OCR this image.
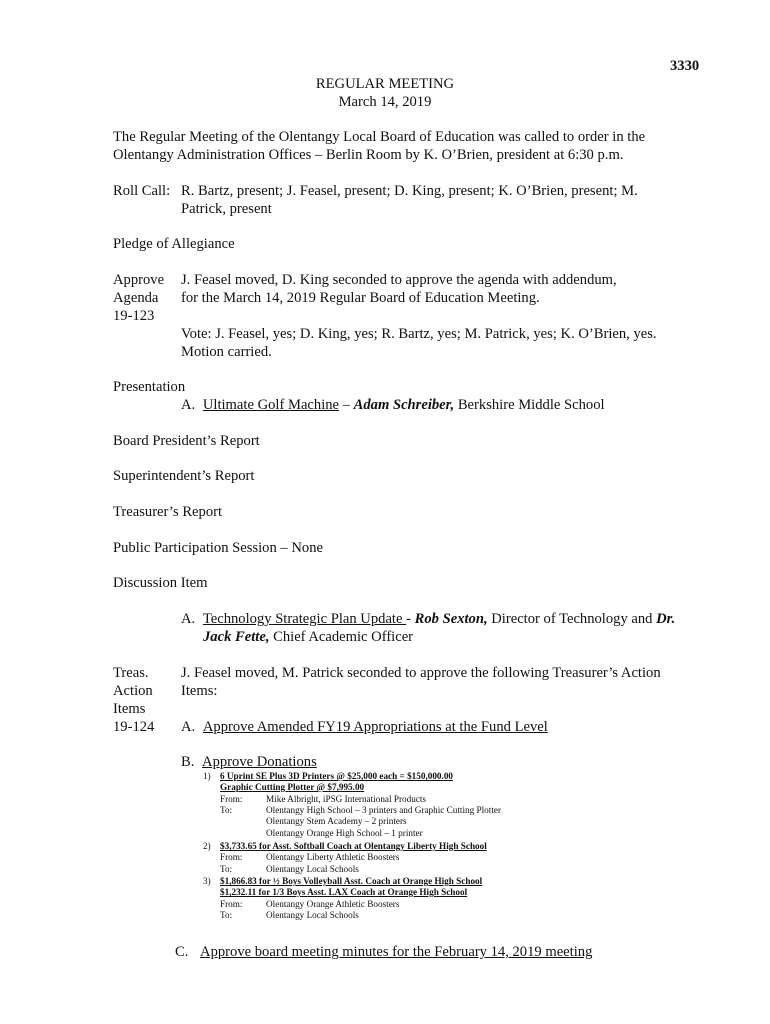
3330
REGULAR MEETING
March 14, 2019
The Regular Meeting of the Olentangy Local Board of Education was called to order in the
Olentangy Administration Offices – Berlin Room by K. O’Brien, president at 6:30 p.m.
Roll Call: R. Bartz, present; J. Feasel, present; D. King, present; K. O’Brien, present; M.
Patrick, present
Pledge of Allegiance
Approve
Agenda
19-123
J. Feasel moved, D. King seconded to approve the agenda with addendum,
for the March 14, 2019 Regular Board of Education Meeting.
Vote: J. Feasel, yes; D. King, yes; R. Bartz, yes; M. Patrick, yes; K. O’Brien, yes.
Motion carried.
Presentation
A. Ultimate Golf Machine – Adam Schreiber, Berkshire Middle School
Board President’s Report
Superintendent’s Report
Treasurer’s Report
Public Participation Session – None
Discussion Item
A. Technology Strategic Plan Update - Rob Sexton, Director of Technology and Dr.
Jack Fette, Chief Academic Officer
Treas.
Action
Items
19-124
J. Feasel moved, M. Patrick seconded to approve the following Treasurer’s Action
Items:
A. Approve Amended FY19 Appropriations at the Fund Level
B. Approve Donations
1) 6 Uprint SE Plus 3D Printers @ $25,000 each = $150,000.00
Graphic Cutting Plotter @ $7,995.00
From:	Mike Albright, iPSG International Products
To:	Olentangy High School – 3 printers and Graphic Cutting Plotter
Olentangy Stem Academy – 2 printers
Olentangy Orange High School – 1 printer
2) $3,733.65 for Asst. Softball Coach at Olentangy Liberty High School
From:	Olentangy Liberty Athletic Boosters
To:	Olentangy Local Schools
3) $1,866.83 for ½ Boys Volleyball Asst. Coach at Orange High School
$1,232.11 for 1/3 Boys Asst. LAX Coach at Orange High School
From:	Olentangy Orange Athletic Boosters
To:	Olentangy Local Schools
C. Approve board meeting minutes for the February 14, 2019 meeting
